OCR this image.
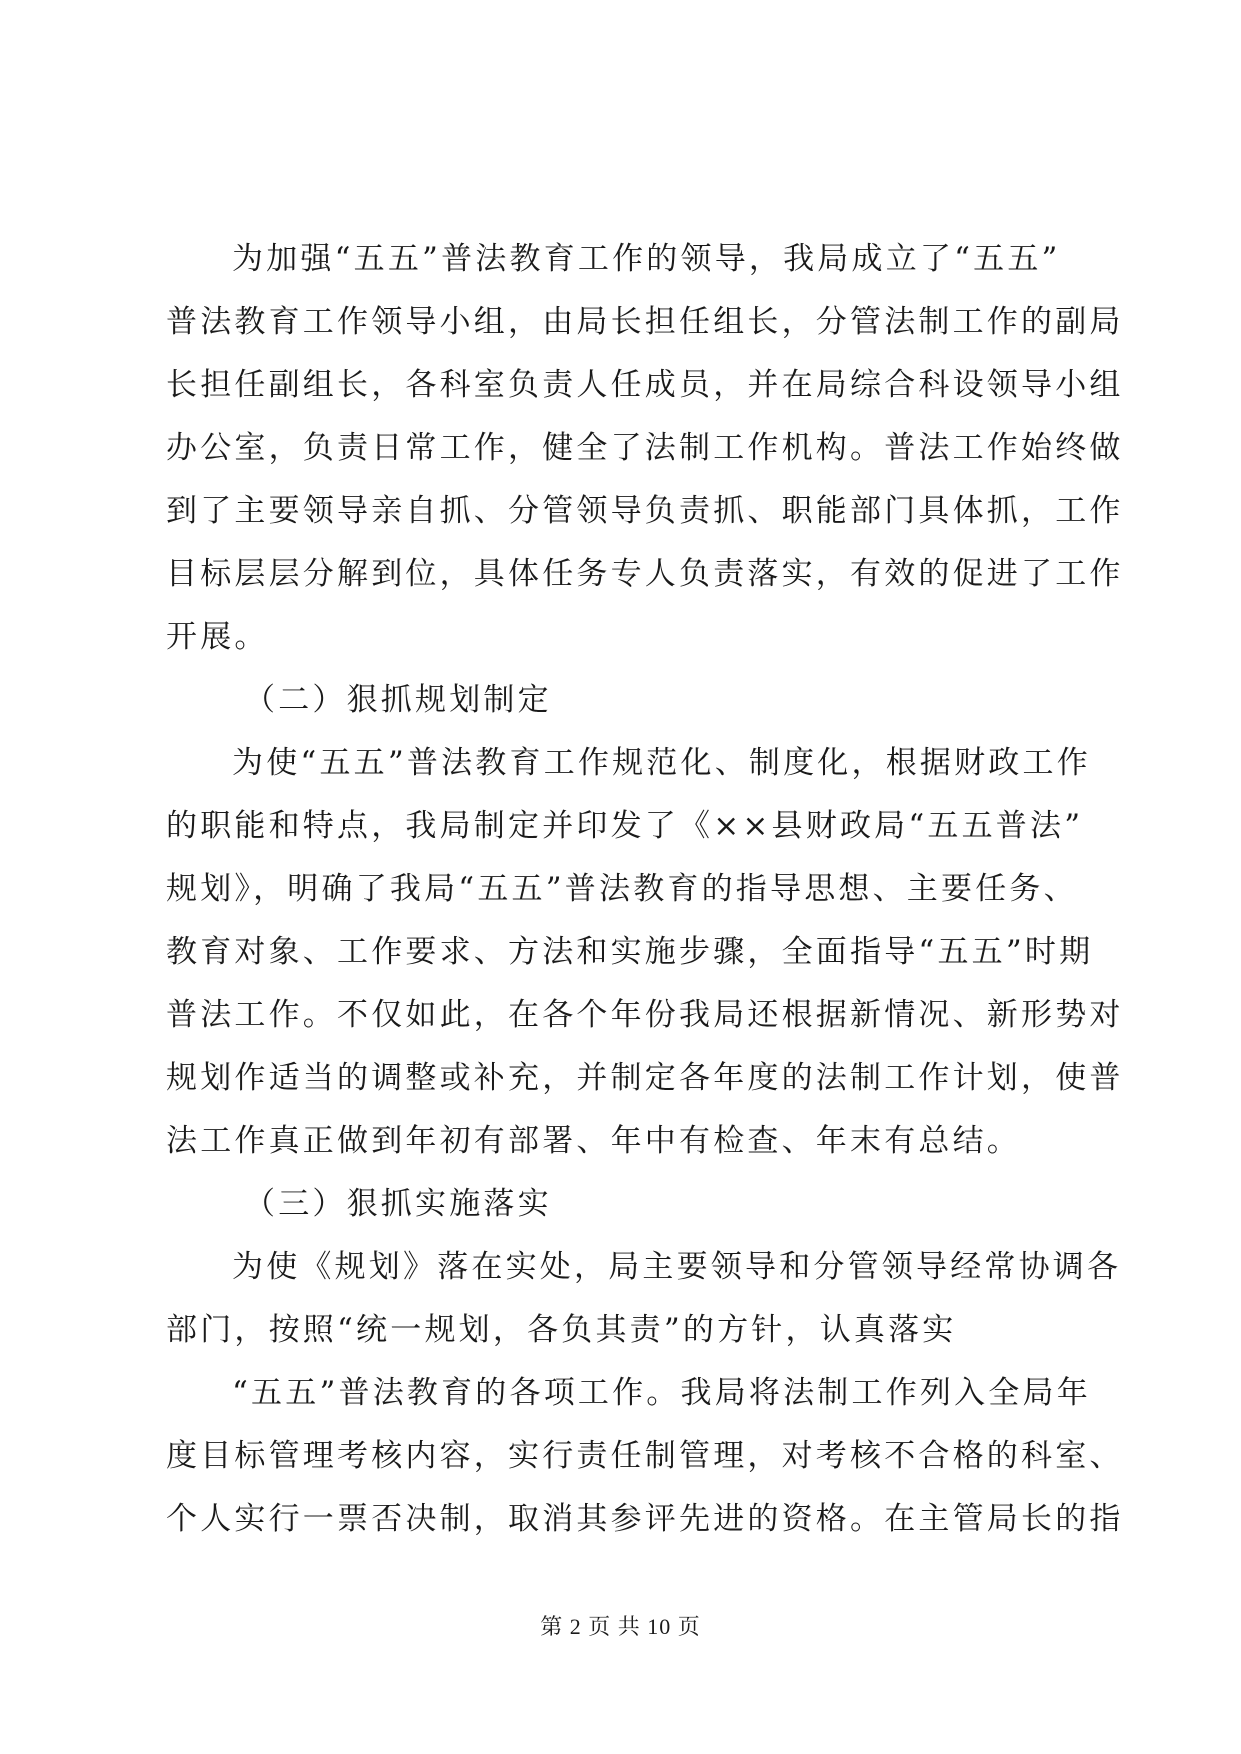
为加强“五五”普法教育工作的领导，我局成立了“五五”
普法教育工作领导小组，由局长担任组长，分管法制工作的副局
长担任副组长，各科室负责人任成员，并在局综合科设领导小组
办公室，负责日常工作，健全了法制工作机构。普法工作始终做
到了主要领导亲自抓、分管领导负责抓、职能部门具体抓，工作
目标层层分解到位，具体任务专人负责落实，有效的促进了工作
开展。
（二）狠抓规划制定
为使“五五”普法教育工作规范化、制度化，根据财政工作
的职能和特点，我局制定并印发了《××县财政局“五五普法”
规划》，明确了我局“五五”普法教育的指导思想、主要任务、
教育对象、工作要求、方法和实施步骤，全面指导“五五”时期
普法工作。不仅如此，在各个年份我局还根据新情况、新形势对
规划作适当的调整或补充，并制定各年度的法制工作计划，使普
法工作真正做到年初有部署、年中有检查、年末有总结。
（三）狠抓实施落实
为使《规划》落在实处，局主要领导和分管领导经常协调各
部门，按照“统一规划，各负其责”的方针，认真落实
“五五”普法教育的各项工作。我局将法制工作列入全局年
度目标管理考核内容，实行责任制管理，对考核不合格的科室、
个人实行一票否决制，取消其参评先进的资格。在主管局长的指
第 2 页 共 10 页
